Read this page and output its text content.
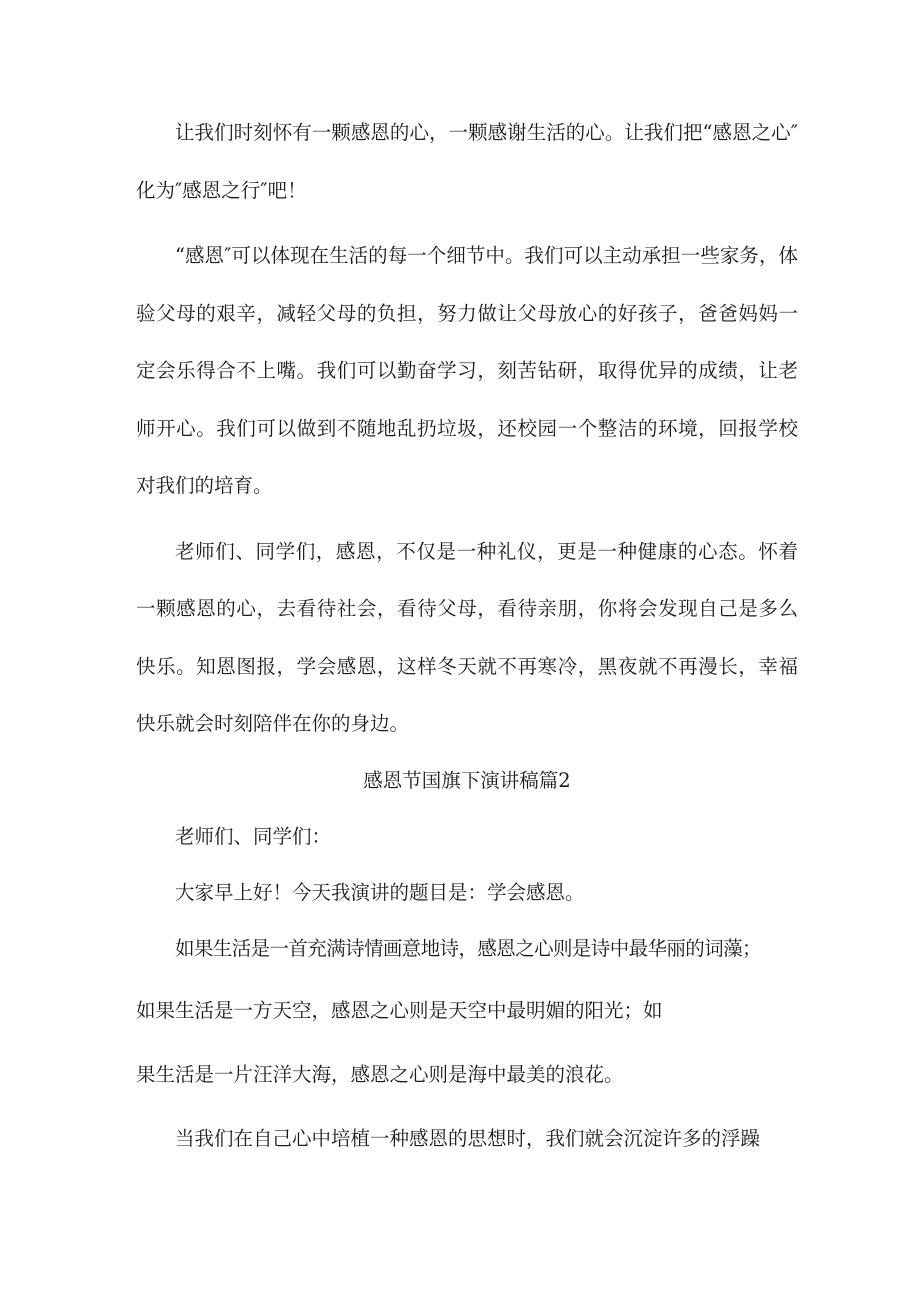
让我们时刻怀有一颗感恩的心，一颗感谢生活的心。让我们把“感恩之心″化为″感恩之行″吧！

“感恩″可以体现在生活的每一个细节中。我们可以主动承担一些家务，体验父母的艰辛，减轻父母的负担，努力做让父母放心的好孩子，爸爸妈妈一定会乐得合不上嘴。我们可以勤奋学习，刻苦钻研，取得优异的成绩，让老师开心。我们可以做到不随地乱扔垃圾，还校园一个整洁的环境，回报学校对我们的培育。

老师们、同学们，感恩，不仅是一种礼仪，更是一种健康的心态。怀着一颗感恩的心，去看待社会，看待父母，看待亲朋，你将会发现自己是多么快乐。知恩图报，学会感恩，这样冬天就不再寒冷，黑夜就不再漫长，幸福快乐就会时刻陪伴在你的身边。

感恩节国旗下演讲稿篇2

老师们、同学们：

大家早上好！今天我演讲的题目是：学会感恩。

如果生活是一首充满诗情画意地诗，感恩之心则是诗中最华丽的词藻；

如果生活是一方天空，感恩之心则是天空中最明媚的阳光；如

果生活是一片汪洋大海，感恩之心则是海中最美的浪花。

当我们在自己心中培植一种感恩的思想时，我们就会沉淀许多的浮躁
